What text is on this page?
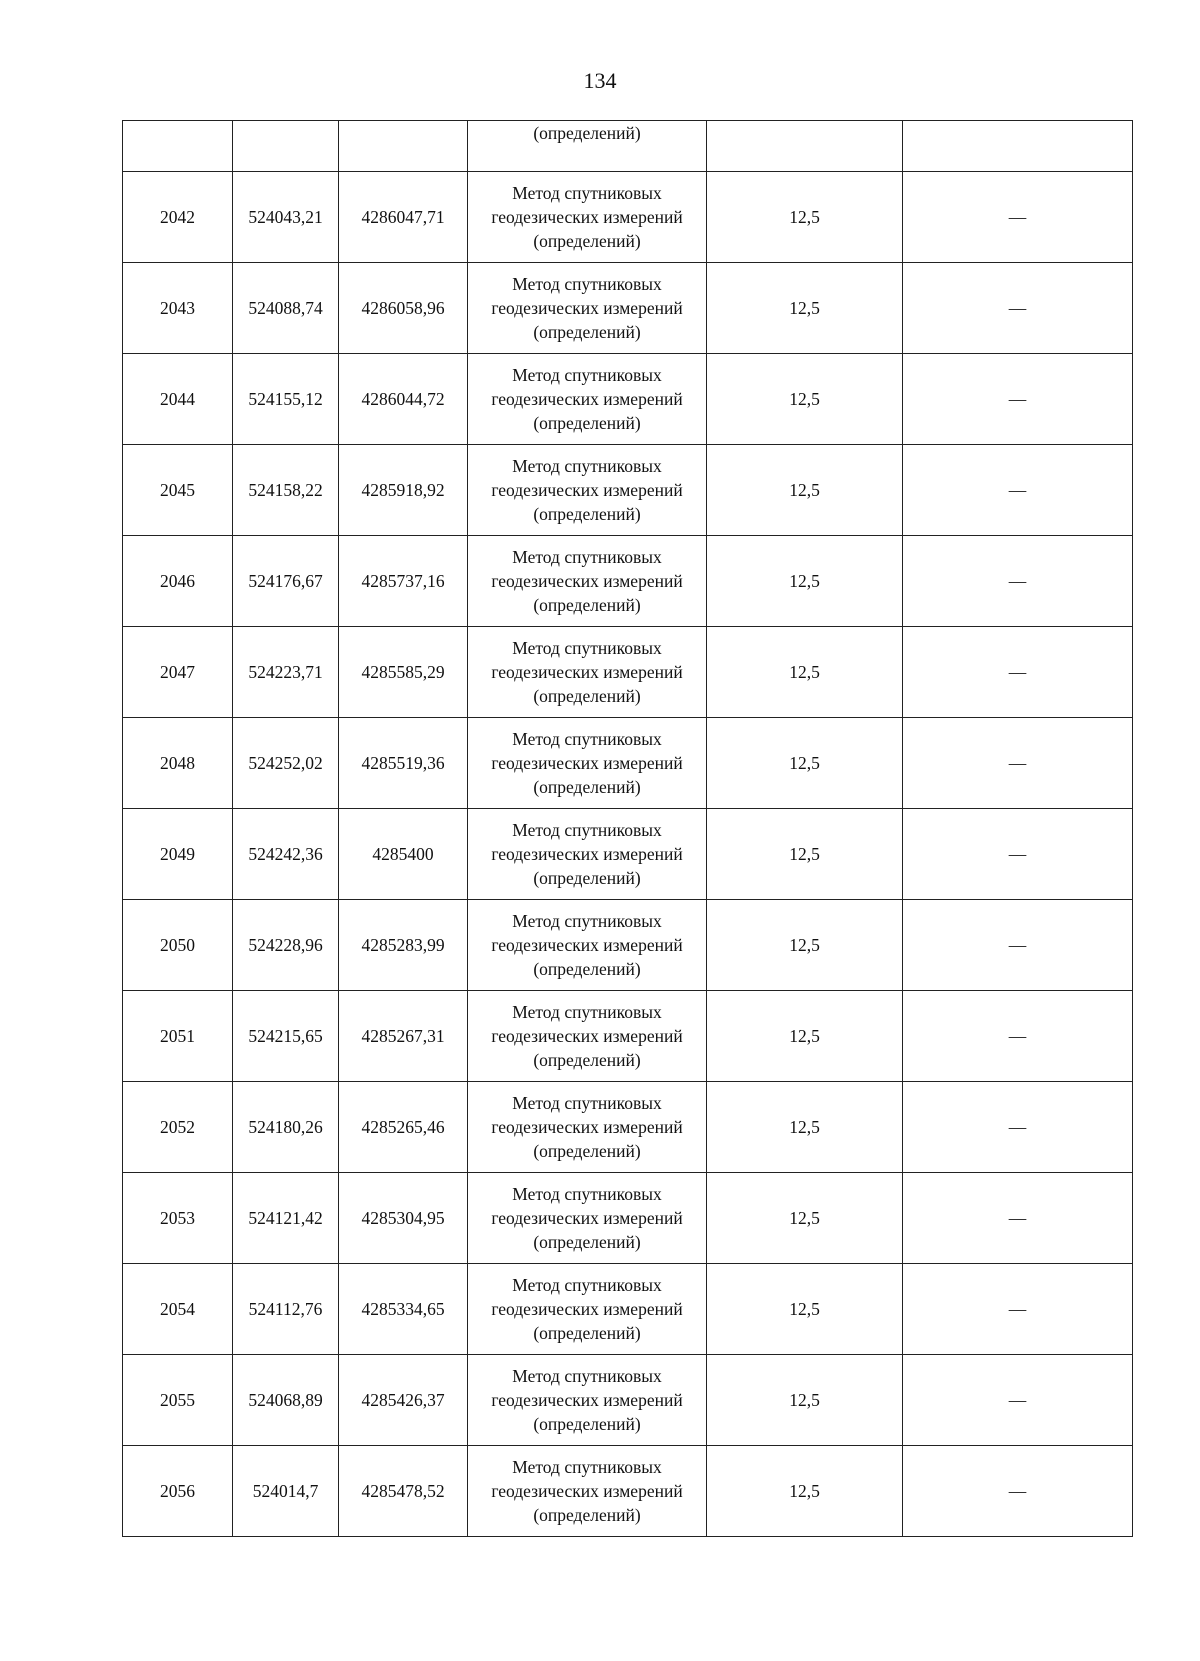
134
			(определений)		
2042	524043,21	4286047,71	Метод спутниковых
геодезических измерений
(определений)	12,5	—
2043	524088,74	4286058,96	Метод спутниковых
геодезических измерений
(определений)	12,5	—
2044	524155,12	4286044,72	Метод спутниковых
геодезических измерений
(определений)	12,5	—
2045	524158,22	4285918,92	Метод спутниковых
геодезических измерений
(определений)	12,5	—
2046	524176,67	4285737,16	Метод спутниковых
геодезических измерений
(определений)	12,5	—
2047	524223,71	4285585,29	Метод спутниковых
геодезических измерений
(определений)	12,5	—
2048	524252,02	4285519,36	Метод спутниковых
геодезических измерений
(определений)	12,5	—
2049	524242,36	4285400	Метод спутниковых
геодезических измерений
(определений)	12,5	—
2050	524228,96	4285283,99	Метод спутниковых
геодезических измерений
(определений)	12,5	—
2051	524215,65	4285267,31	Метод спутниковых
геодезических измерений
(определений)	12,5	—
2052	524180,26	4285265,46	Метод спутниковых
геодезических измерений
(определений)	12,5	—
2053	524121,42	4285304,95	Метод спутниковых
геодезических измерений
(определений)	12,5	—
2054	524112,76	4285334,65	Метод спутниковых
геодезических измерений
(определений)	12,5	—
2055	524068,89	4285426,37	Метод спутниковых
геодезических измерений
(определений)	12,5	—
2056	524014,7	4285478,52	Метод спутниковых
геодезических измерений
(определений)	12,5	—
